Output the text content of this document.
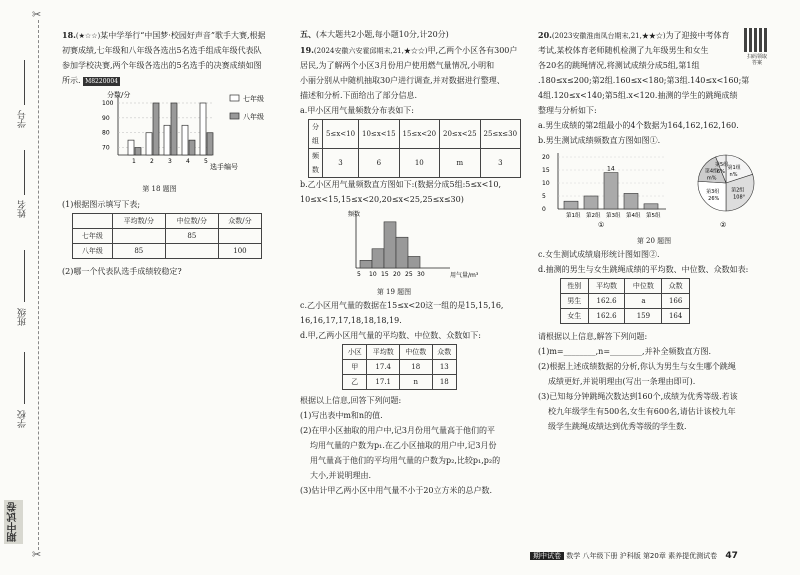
✂
✂
学号
姓名
班级
学校
期中试卷
18.(★☆☆)某中学举行“中国梦·校园好声音”歌手大赛,根据
初赛成绩,七年级和八年级各选出5名选手组成年级代表队
参加学校决赛,两个年级各选出的5名选手的决赛成绩如图
所示. M8220004
分数/分
100
90
80
70
1 2 3 4 5
选手编号
七年级
八年级
第 18 题图
(1)根据图示填写下表;
	平均数/分	中位数/分	众数/分
七年级		85	
八年级	85		100
(2)哪一个代表队选手成绩较稳定?
五、(本大题共2小题,每小题10分,计20分)
19.(2024安徽六安霍邱期末,21,★☆☆)甲,乙两个小区各有300户
居民,为了解两个小区3月份用户使用燃气量情况,小明和
小丽分别从中随机抽取30户进行调查,并对数据进行整理、
描述和分析.下面给出了部分信息.
a.甲小区用气量频数分布表如下:
分组	5≤x<10	10≤x<15	15≤x<20	20≤x<25	25≤x≤30
频数	3	6	10	m	3
b.乙小区用气量频数直方图如下:(数据分成5组:5≤x<10,
10≤x<15,15≤x<20,20≤x<25,25≤x≤30)
频数
5 10 15 20 25 30	用气量/m³
第 19 题图
c.乙小区用气量的数据在15≤x<20这一组的是15,15,16,
16,16,17,17,18,18,18,19.
d.甲,乙两小区用气量的平均数、中位数、众数如下:
小区	平均数	中位数	众数
甲	17.4	18	13
乙	17.1	n	18
根据以上信息,回答下列问题:
(1)写出表中m和n的值.
(2)在甲小区抽取的用户中,记3月份用气量高于他们的平
均用气量的户数为p₁.在乙小区抽取的用户中,记3月份
用气量高于他们的平均用气量的户数为p₂,比较p₁,p₂的
大小,并说明理由.
(3)估计甲乙两小区中用气量不小于20立方米的总户数.
20.(2023安徽淮南凤台期末,21,★★☆)为了迎接中考体育
考试,某校体育老师随机检测了九年级男生和女生
各20名的跳绳情况,将测试成绩分成5组,第1组
.180≤x≤200;第2组.160≤x<180;第3组.140≤x<160;第
4组.120≤x<140;第5组.x<120.抽测的学生的跳绳成绩
整理与分析如下:
a.男生成绩的第2组最小的4个数据为164,162,162,160.
b.男生测试成绩频数直方图如图①.
20
15
10
5
0
14
第1组 第2组 第3组 第4组 第5组
①
第1组
n%
第2组
108°
第3组
26%
第4组
m%
第5组
6%
②
第 20 题图
c.女生测试成绩扇形统计图如图②.
d.抽测的男生与女生跳绳成绩的平均数、中位数、众数如表:
性别	平均数	中位数	众数
男生	162.6	a	166
女生	162.6	159	164
请根据以上信息,解答下列问题:
(1)m=________,n=________,并补全频数直方图.
(2)根据上述成绩数据的分析,你认为男生与女生哪个跳绳
成绩更好,并说明理由(写出一条理由即可).
(3)已知每分钟跳绳次数达到160个,成绩为优秀等级.若该
校九年级学生有500名,女生有600名,请估计该校九年
级学生跳绳成绩达到优秀等级的学生数.
扫码领取
答案
期中试卷 数学 八年级下册 沪科版 第20章 素养提优测试卷 47
